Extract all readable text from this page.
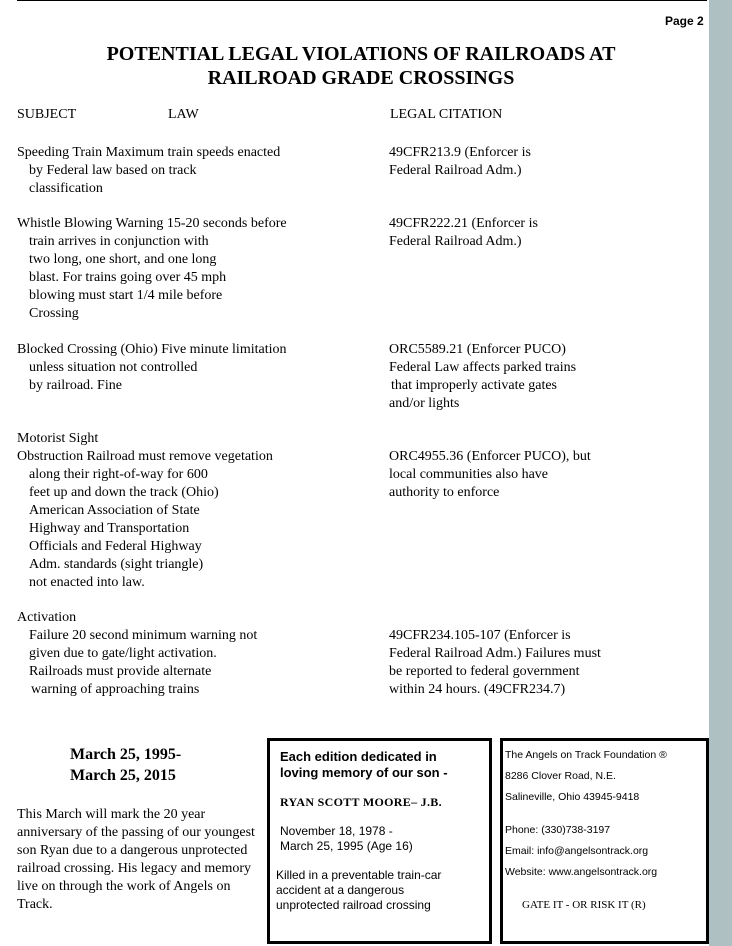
Page 2
POTENTIAL LEGAL VIOLATIONS OF RAILROADS AT
RAILROAD GRADE CROSSINGS
SUBJECT	LAW	LEGAL CITATION
Speeding Train Maximum train speeds enacted
by Federal law based on track
classification
49CFR213.9 (Enforcer is
Federal Railroad Adm.)
Whistle Blowing Warning 15-20 seconds before
train arrives in conjunction with
two long, one short, and one long
blast. For trains going over 45 mph
blowing must start 1/4 mile before
Crossing
49CFR222.21 (Enforcer is
Federal Railroad Adm.)
Blocked Crossing (Ohio) Five minute limitation
unless situation not controlled
by railroad. Fine
ORC5589.21 (Enforcer PUCO)
Federal Law affects parked trains
that improperly activate gates
and/or lights
Motorist Sight
Obstruction Railroad must remove vegetation
along their right-of-way for 600
feet up and down the track (Ohio)
American Association of State
Highway and Transportation
Officials and Federal Highway
Adm. standards (sight triangle)
not enacted into law.
ORC4955.36 (Enforcer PUCO), but
local communities also have
authority to enforce
Activation
Failure 20 second minimum warning not
given due to gate/light activation.
Railroads must provide alternate
warning of approaching trains
49CFR234.105-107 (Enforcer is
Federal Railroad Adm.) Failures must
be reported to federal government
within 24 hours. (49CFR234.7)
March 25, 1995-
March 25, 2015
This March will mark the 20 year anniversary of the passing of our youngest son Ryan due to a dangerous unprotected railroad crossing. His legacy and memory live on through the work of Angels on Track.
Each edition dedicated in
loving memory of our son -
RYAN SCOTT MOORE– J.B.
November 18, 1978 -
March 25, 1995 (Age 16)
Killed in a preventable train-car
accident at a dangerous
unprotected railroad crossing
The Angels on Track Foundation ®
8286 Clover Road, N.E.
Salineville, Ohio 43945-9418
Phone: (330)738-3197
Email: info@angelsontrack.org
Website: www.angelsontrack.org
GATE IT - OR RISK IT (R)
